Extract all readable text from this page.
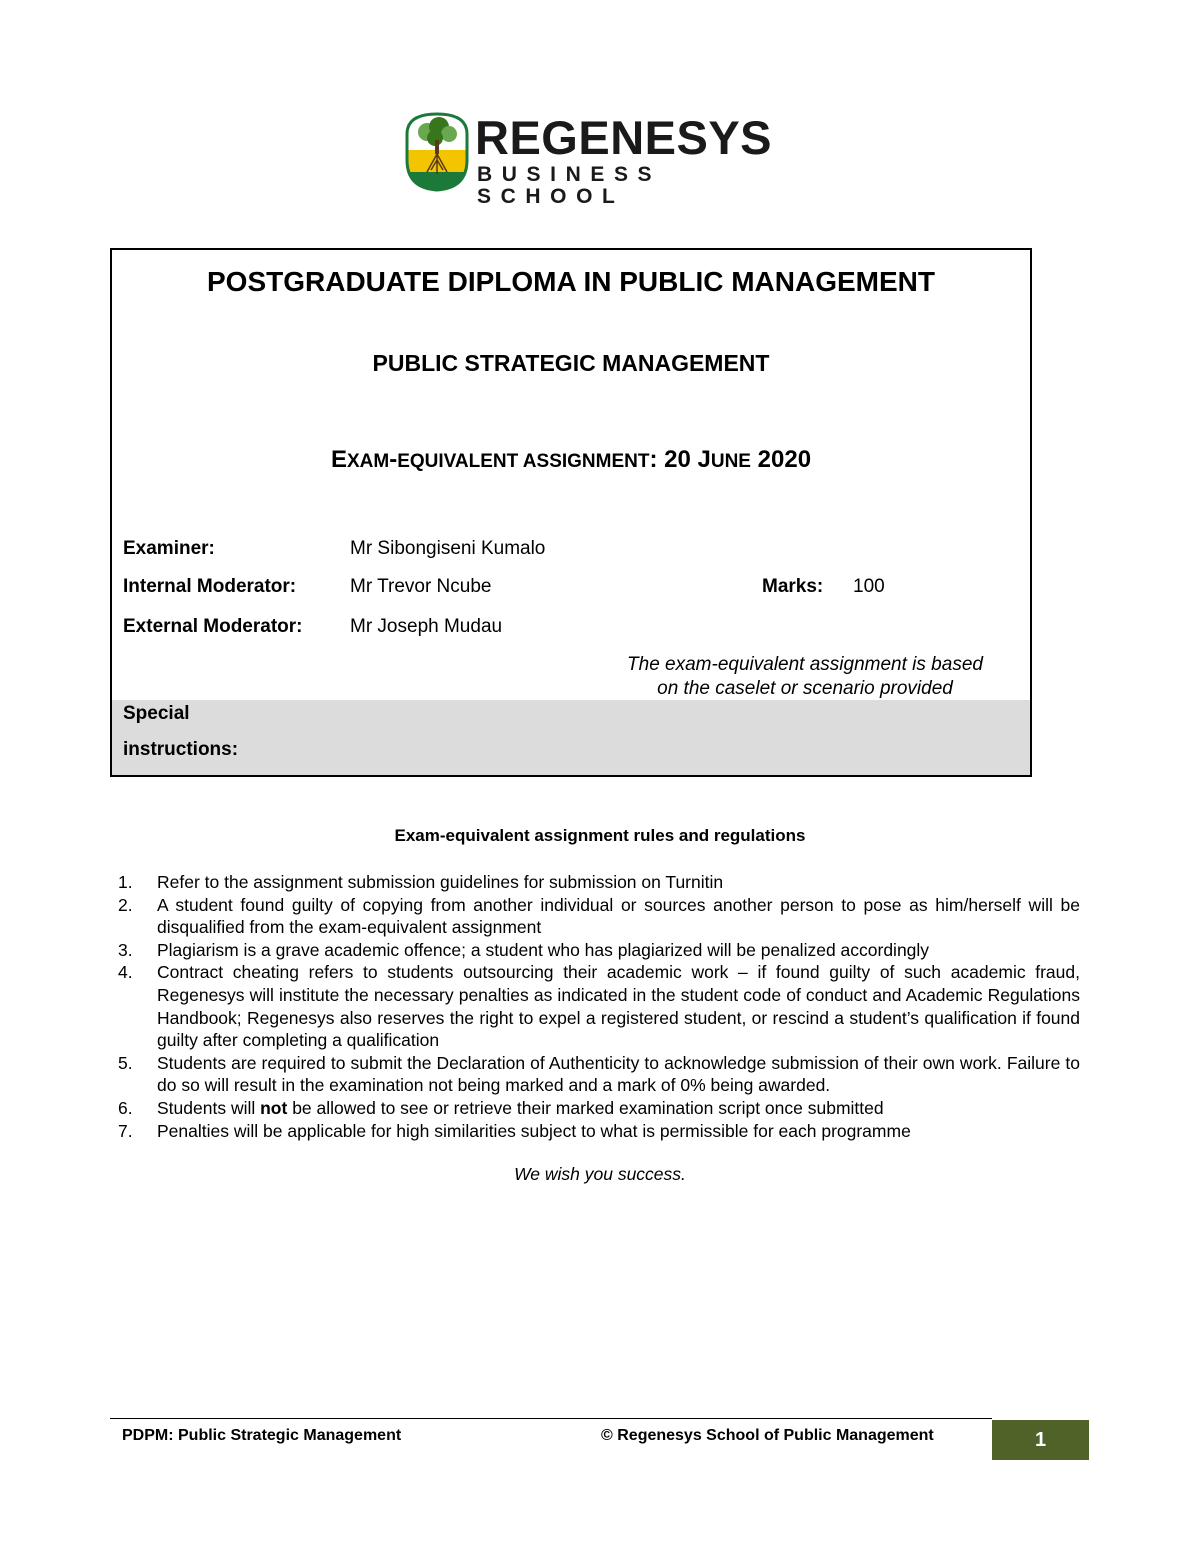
REGENESYS
BUSINESS SCHOOL
POSTGRADUATE DIPLOMA IN PUBLIC MANAGEMENT
PUBLIC STRATEGIC MANAGEMENT
EXAM-EQUIVALENT ASSIGNMENT: 20 JUNE 2020
Examiner:	Mr Sibongiseni Kumalo
Internal Moderator:	Mr Trevor Ncube	Marks: 100
External Moderator:	Mr Joseph Mudau
The exam-equivalent assignment is based
on the caselet or scenario provided
Special
instructions:
Exam-equivalent assignment rules and regulations
1. Refer to the assignment submission guidelines for submission on Turnitin
2. A student found guilty of copying from another individual or sources another person to pose as him/herself will be disqualified from the exam-equivalent assignment
3. Plagiarism is a grave academic offence; a student who has plagiarized will be penalized accordingly
4. Contract cheating refers to students outsourcing their academic work – if found guilty of such academic fraud, Regenesys will institute the necessary penalties as indicated in the student code of conduct and Academic Regulations Handbook; Regenesys also reserves the right to expel a registered student, or rescind a student’s qualification if found guilty after completing a qualification
5. Students are required to submit the Declaration of Authenticity to acknowledge submission of their own work. Failure to do so will result in the examination not being marked and a mark of 0% being awarded.
6. Students will not be allowed to see or retrieve their marked examination script once submitted
7. Penalties will be applicable for high similarities subject to what is permissible for each programme
We wish you success.
PDPM: Public Strategic Management	© Regenesys School of Public Management	1
